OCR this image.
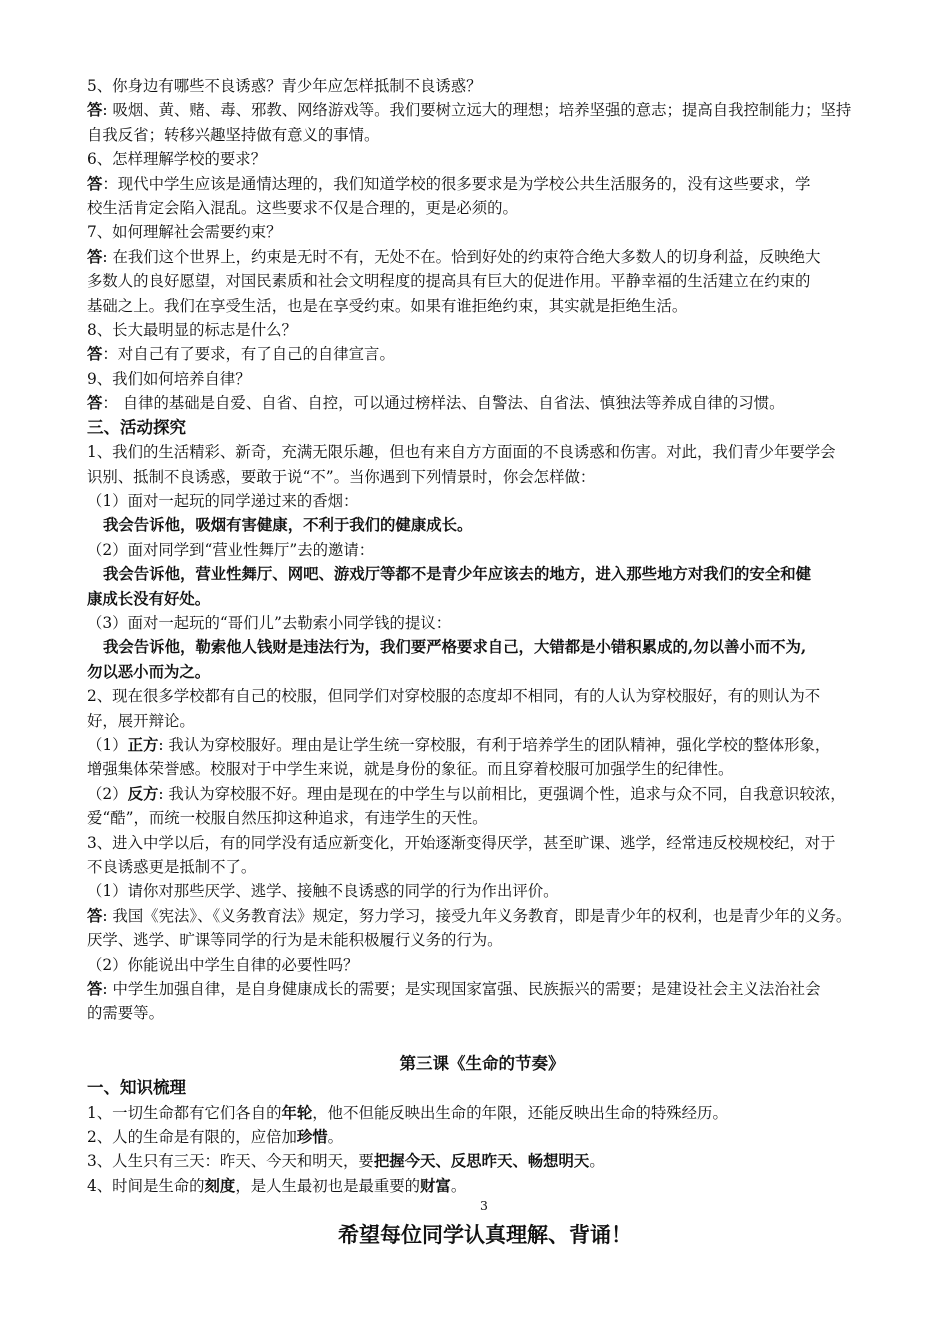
5、你身边有哪些不良诱惑？青少年应怎样抵制不良诱惑？
答: 吸烟、黄、赌、毒、邪教、网络游戏等。我们要树立远大的理想；培养坚强的意志；提高自我控制能力；坚持
自我反省；转移兴趣坚持做有意义的事情。
6、怎样理解学校的要求？
答：现代中学生应该是通情达理的，我们知道学校的很多要求是为学校公共生活服务的，没有这些要求，学
校生活肯定会陷入混乱。这些要求不仅是合理的，更是必须的。
7、如何理解社会需要约束？
答: 在我们这个世界上，约束是无时不有，无处不在。恰到好处的约束符合绝大多数人的切身利益，反映绝大
多数人的良好愿望，对国民素质和社会文明程度的提高具有巨大的促进作用。平静幸福的生活建立在约束的
基础之上。我们在享受生活，也是在享受约束。如果有谁拒绝约束，其实就是拒绝生活。
8、长大最明显的标志是什么？
答：对自己有了要求，有了自己的自律宣言。
9、我们如何培养自律？
答： 自律的基础是自爱、自省、自控，可以通过榜样法、自警法、自省法、慎独法等养成自律的习惯。
三、活动探究
1、我们的生活精彩、新奇，充满无限乐趣，但也有来自方方面面的不良诱惑和伤害。对此，我们青少年要学会
识别、抵制不良诱惑，要敢于说“不”。当你遇到下列情景时，你会怎样做：
（1）面对一起玩的同学递过来的香烟：
我会告诉他，吸烟有害健康，不利于我们的健康成长。
（2）面对同学到“营业性舞厅”去的邀请：
我会告诉他，营业性舞厅、网吧、游戏厅等都不是青少年应该去的地方，进入那些地方对我们的安全和健
康成长没有好处。
（3）面对一起玩的“哥们儿”去勒索小同学钱的提议：
我会告诉他，勒索他人钱财是违法行为，我们要严格要求自己，大错都是小错积累成的,勿以善小而不为,
勿以恶小而为之。
2、现在很多学校都有自己的校服，但同学们对穿校服的态度却不相同，有的人认为穿校服好，有的则认为不
好，展开辩论。
（1）正方: 我认为穿校服好。理由是让学生统一穿校服，有利于培养学生的团队精神，强化学校的整体形象，
增强集体荣誉感。校服对于中学生来说，就是身份的象征。而且穿着校服可加强学生的纪律性。
（2）反方: 我认为穿校服不好。理由是现在的中学生与以前相比，更强调个性，追求与众不同，自我意识较浓，
爱“酷”，而统一校服自然压抑这种追求，有违学生的天性。
3、进入中学以后，有的同学没有适应新变化，开始逐渐变得厌学，甚至旷课、逃学，经常违反校规校纪，对于
不良诱惑更是抵制不了。
（1）请你对那些厌学、逃学、接触不良诱惑的同学的行为作出评价。
答: 我国《宪法》、《义务教育法》规定，努力学习，接受九年义务教育，即是青少年的权利，也是青少年的义务。
厌学、逃学、旷课等同学的行为是未能积极履行义务的行为。
（2）你能说出中学生自律的必要性吗？
答: 中学生加强自律，是自身健康成长的需要；是实现国家富强、民族振兴的需要；是建设社会主义法治社会
的需要等。
第三课《生命的节奏》
一、知识梳理
1、一切生命都有它们各自的年轮，他不但能反映出生命的年限，还能反映出生命的特殊经历。
2、人的生命是有限的，应倍加珍惜。
3、人生只有三天：昨天、今天和明天，要把握今天、反思昨天、畅想明天。
4、时间是生命的刻度，是人生最初也是最重要的财富。
3
希望每位同学认真理解、背诵！
